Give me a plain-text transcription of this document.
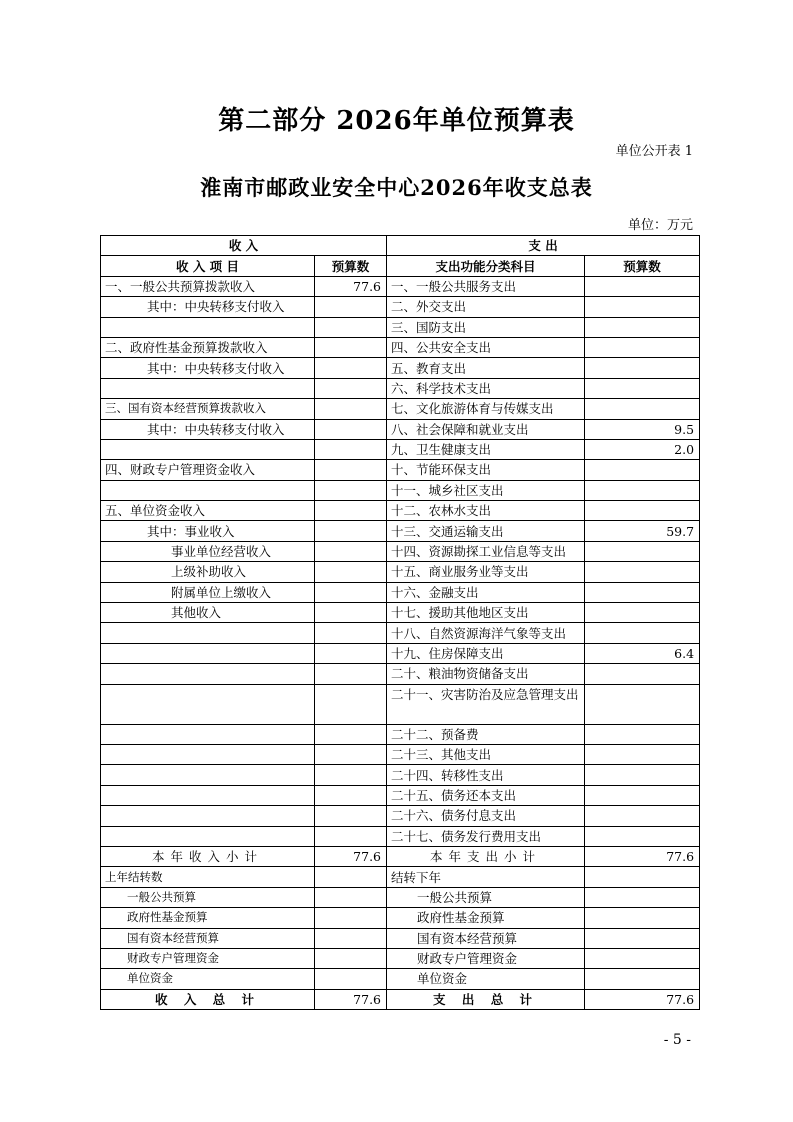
第二部分 2026年单位预算表
单位公开表 1
淮南市邮政业安全中心2026年收支总表
单位：万元
收 入		支 出	
收 入 项 目	预算数	支出功能分类科目	预算数
一、一般公共预算拨款收入	77.6	一、一般公共服务支出	
其中：中央转移支付收入		二、外交支出	
		三、国防支出	
二、政府性基金预算拨款收入		四、公共安全支出	
其中：中央转移支付收入		五、教育支出	
		六、科学技术支出	
三、国有资本经营预算拨款收入		七、文化旅游体育与传媒支出	
其中：中央转移支付收入		八、社会保障和就业支出	9.5
		九、卫生健康支出	2.0
四、财政专户管理资金收入		十、节能环保支出	
		十一、城乡社区支出	
五、单位资金收入		十二、农林水支出	
其中：事业收入		十三、交通运输支出	59.7
事业单位经营收入		十四、资源勘探工业信息等支出	
上级补助收入		十五、商业服务业等支出	
附属单位上缴收入		十六、金融支出	
其他收入		十七、援助其他地区支出	
		十八、自然资源海洋气象等支出	
		十九、住房保障支出	6.4
		二十、粮油物资储备支出	
		二十一、灾害防治及应急管理支出	
		二十二、预备费	
		二十三、其他支出	
		二十四、转移性支出	
		二十五、债务还本支出	
		二十六、债务付息支出	
		二十七、债务发行费用支出	
本年收入小计	77.6	本年支出小计	77.6
上年结转数		结转下年	
一般公共预算		一般公共预算	
政府性基金预算		政府性基金预算	
国有资本经营预算		国有资本经营预算	
财政专户管理资金		财政专户管理资金	
单位资金		单位资金	
收 入 总 计	77.6	支 出 总 计	77.6
- 5 -
